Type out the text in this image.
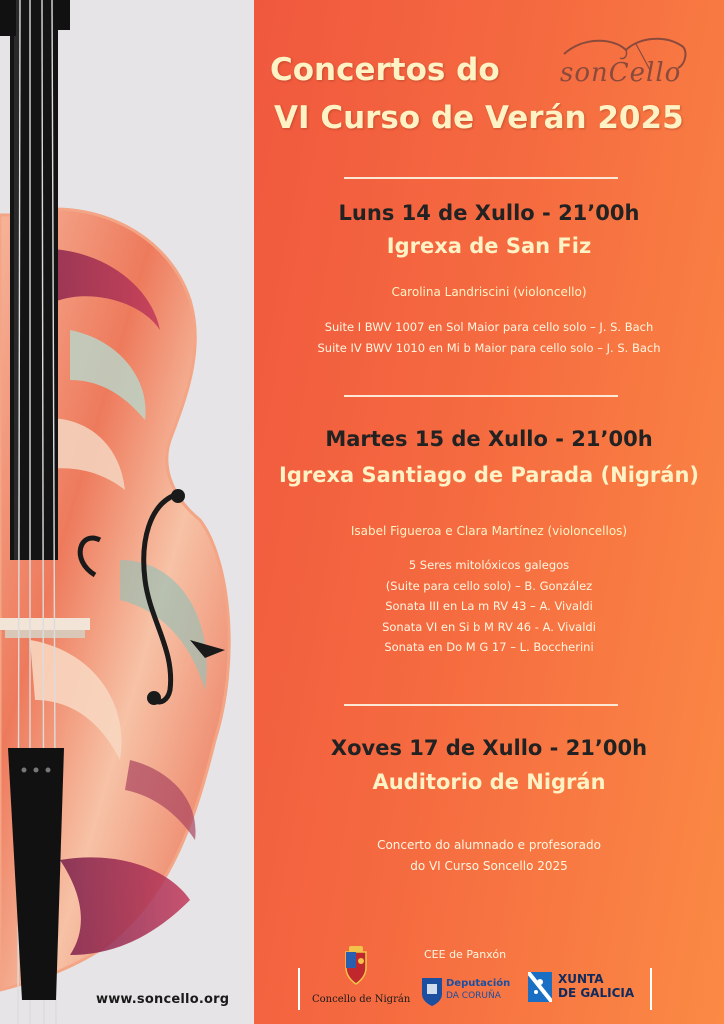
www.soncello.org
Concertos do
VI Curso de Verán 2025
sonCello
Luns 14 de Xullo - 21’00h
Igrexa de San Fiz
Carolina Landriscini (violoncello)
Suite I BWV 1007 en Sol Maior para cello solo – J. S. Bach
Suite IV BWV 1010 en Mi b Maior para cello solo – J. S. Bach
Martes 15 de Xullo - 21’00h
Igrexa Santiago de Parada (Nigrán)
Isabel Figueroa e Clara Martínez (violoncellos)
5 Seres mitolóxicos galegos
(Suite para cello solo) – B. González
Sonata III en La m RV 43 – A. Vivaldi
Sonata VI en Si b M RV 46 - A. Vivaldi
Sonata en Do M G 17 – L. Boccherini
Xoves 17 de Xullo - 21’00h
Auditorio de Nigrán
Concerto do alumnado e profesorado
do VI Curso Soncello 2025
CEE de Panxón
Concello de Nigrán
Deputación
DA CORUÑA
XUNTA
DE GALICIA
